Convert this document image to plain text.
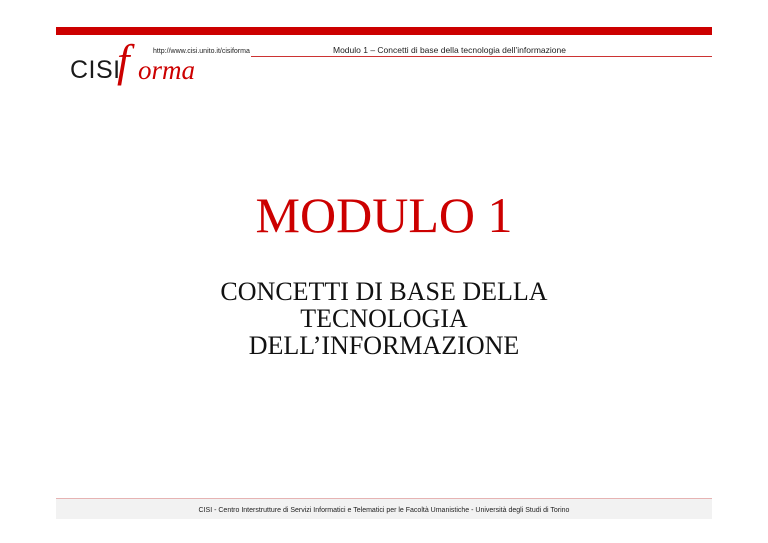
CISI
f orma
http://www.cisi.unito.it/cisiforma	Modulo 1 – Concetti di base della tecnologia dell’informazione
MODULO 1
CONCETTI DI BASE DELLA
TECNOLOGIA
DELL’INFORMAZIONE
CISI - Centro Interstrutture di Servizi Informatici e Telematici per le Facoltà Umanistiche - Università degli Studi di Torino
